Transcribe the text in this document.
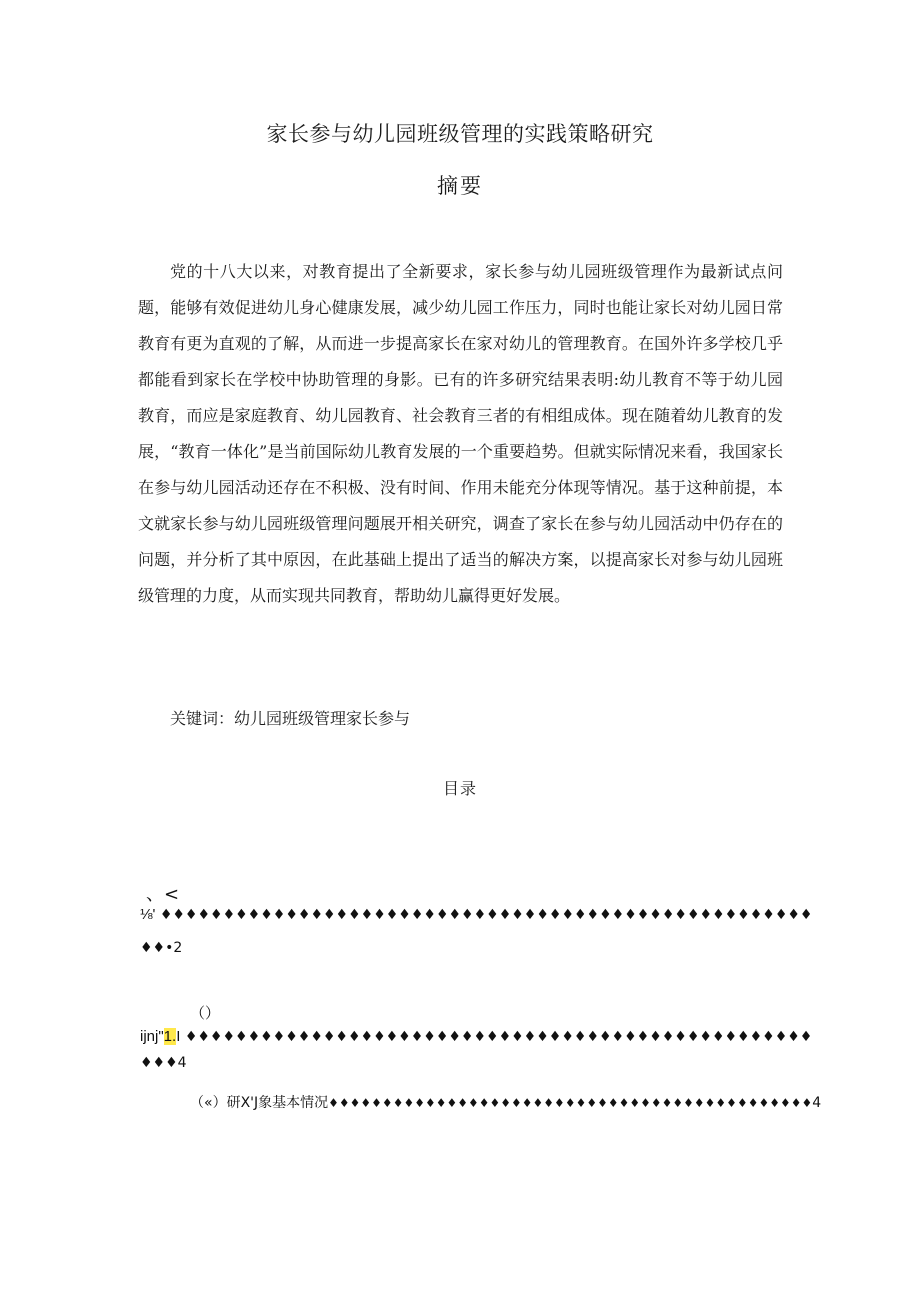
家长参与幼儿园班级管理的实践策略研究
摘要

党的十八大以来，对教育提出了全新要求，家长参与幼儿园班级管理作为最新试点问题，能够有效促进幼儿身心健康发展，减少幼儿园工作压力，同时也能让家长对幼儿园日常教育有更为直观的了解，从而进一步提高家长在家对幼儿的管理教育。在国外许多学校几乎都能看到家长在学校中协助管理的身影。已有的许多研究结果表明:幼儿教育不等于幼儿园教育，而应是家庭教育、幼儿园教育、社会教育三者的有相组成体。现在随着幼儿教育的发展，“教育一体化”是当前国际幼儿教育发展的一个重要趋势。但就实际情况来看，我国家长在参与幼儿园活动还存在不积极、没有时间、作用未能充分体现等情况。基于这种前提，本文就家长参与幼儿园班级管理问题展开相关研究，调查了家长在参与幼儿园活动中仍存在的问题，并分析了其中原因，在此基础上提出了适当的解决方案，以提高家长对参与幼儿园班级管理的力度，从而实现共同教育，帮助幼儿赢得更好发展。

关键词：幼儿园班级管理家长参与
目录
、<
⅛' ♦♦♦♦♦♦♦♦♦♦♦♦♦♦♦♦♦♦♦♦♦♦♦♦♦♦♦♦♦♦♦♦♦♦♦♦♦♦♦♦♦♦♦♦♦♦♦♦♦♦♦♦
♦♦•2
（）
ijnj"1.I ♦♦♦♦♦♦♦♦♦♦♦♦♦♦♦♦♦♦♦♦♦♦♦♦♦♦♦♦♦♦♦♦♦♦♦♦♦♦♦♦♦♦♦♦♦♦♦♦♦♦
♦♦♦4
（«）研X'J象基本情况♦♦♦♦♦♦♦♦♦♦♦♦♦♦♦♦♦♦♦♦♦♦♦♦♦♦♦♦♦♦♦♦♦♦♦♦♦♦♦♦♦♦♦♦♦4
